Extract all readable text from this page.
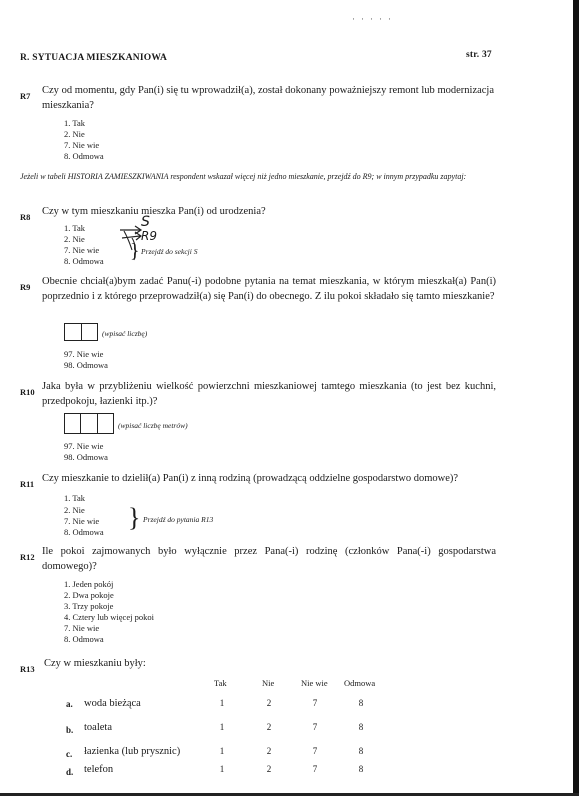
·····
R. SYTUACJA MIESZKANIOWA	str. 37
R7 Czy od momentu, gdy Pan(i) się tu wprowadził(a), został dokonany poważniejszy remont lub modernizacja mieszkania?
1. Tak
2. Nie
7. Nie wie
8. Odmowa
Jeżeli w tabeli HISTORIA ZAMIESZKIWANIA respondent wskazał więcej niż jedno mieszkanie, przejdź do R9; w innym przypadku zapytaj:
R8 Czy w tym mieszkaniu mieszka Pan(i) od urodzenia?
1. Tak
2. Nie
7. Nie wie
8. Odmowa
S
R9
Przejdź do sekcji S
}
R9 Obecnie chciał(a)bym zadać Panu(-i) podobne pytania na temat mieszkania, w którym mieszkał(a) Pan(i) poprzednio i z którego przeprowadził(a) się Pan(i) do obecnego. Z ilu pokoi składało się tamto mieszkanie?
(wpisać liczbę)
97. Nie wie
98. Odmowa
R10 Jaka była w przybliżeniu wielkość powierzchni mieszkaniowej tamtego mieszkania (to jest bez kuchni, przedpokoju, łazienki itp.)?
(wpisać liczbę metrów)
97. Nie wie
98. Odmowa
R11 Czy mieszkanie to dzielił(a) Pan(i) z inną rodziną (prowadzącą oddzielne gospodarstwo domowe)?
1. Tak
2. Nie
7. Nie wie
8. Odmowa } Przejdź do pytania R13
R12 Ile pokoi zajmowanych było wyłącznie przez Pana(-i) rodzinę (członków Pana(-i) gospodarstwa domowego)?
1. Jeden pokój
2. Dwa pokoje
3. Trzy pokoje
4. Cztery lub więcej pokoi
7. Nie wie
8. Odmowa
R13 Czy w mieszkaniu były:
Tak	Nie	Nie wie Odmowa
a. woda bieżąca	1	2	7	8
b. toaleta	1	2	7	8
c. łazienka (lub prysznic)	1	2	7	8
d. telefon	1	2	7	8
